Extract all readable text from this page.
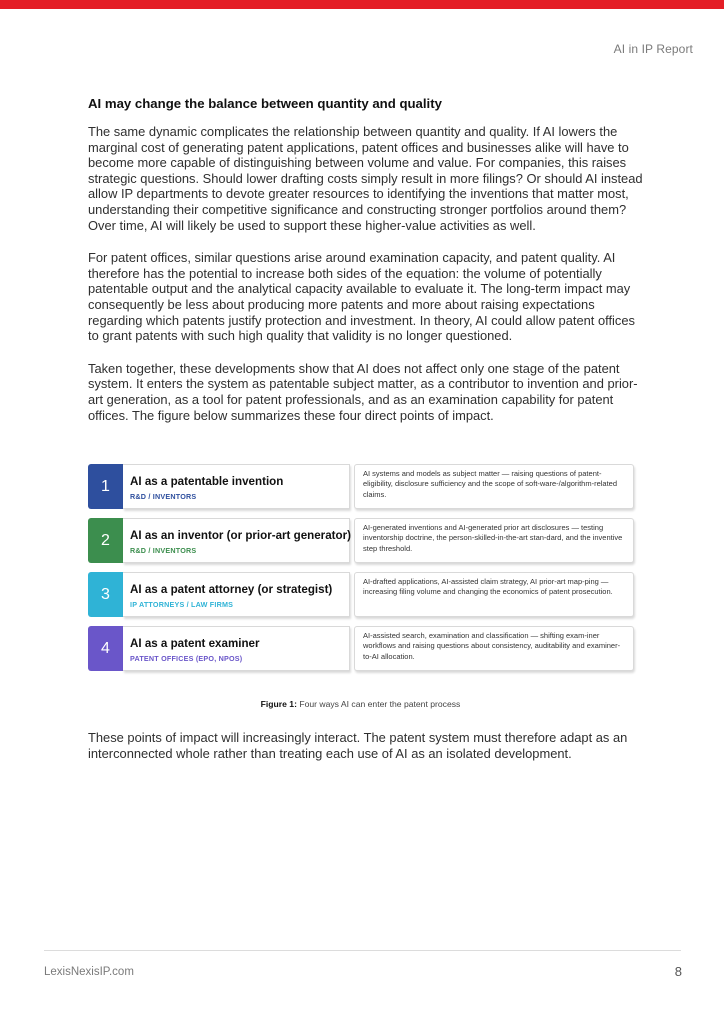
AI in IP Report
AI may change the balance between quantity and quality

The same dynamic complicates the relationship between quantity and quality. If AI lowers the marginal cost of generating patent applications, patent offices and businesses alike will have to become more capable of distinguishing between volume and value. For companies, this raises strategic questions. Should lower drafting costs simply result in more filings? Or should AI instead allow IP departments to devote greater resources to identifying the inventions that matter most, understanding their competitive significance and constructing stronger portfolios around them? Over time, AI will likely be used to support these higher-value activities as well.

For patent offices, similar questions arise around examination capacity, and patent quality. AI therefore has the potential to increase both sides of the equation: the volume of potentially patentable output and the analytical capacity available to evaluate it. The long-term impact may consequently be less about producing more patents and more about raising expectations regarding which patents justify protection and investment. In theory, AI could allow patent offices to grant patents with such high quality that validity is no longer questioned.

Taken together, these developments show that AI does not affect only one stage of the patent system. It enters the system as patentable subject matter, as a contributor to invention and prior-art generation, as a tool for patent professionals, and as an examination capability for patent offices. The figure below summarizes these four direct points of impact.

1	AI as a patentable invention
R&D / INVENTORS
AI systems and models as subject matter — raising questions of patent-eligibility, disclosure sufficiency and the scope of soft-ware-/algorithm-related claims.
2	AI as an inventor (or prior-art generator)
R&D / INVENTORS
AI-generated inventions and AI-generated prior art disclosures — testing inventorship doctrine, the person-skilled-in-the-art stan-dard, and the inventive step threshold.
3	AI as a patent attorney (or strategist)
IP ATTORNEYS / LAW FIRMS
AI-drafted applications, AI-assisted claim strategy, AI prior-art map-ping — increasing filing volume and changing the economics of patent prosecution.
4	AI as a patent examiner
PATENT OFFICES (EPO, NPOS)
AI-assisted search, examination and classification — shifting exam-iner workflows and raising questions about consistency, auditability and examiner-to-AI allocation.
Figure 1: Four ways AI can enter the patent process

These points of impact will increasingly interact. The patent system must therefore adapt as an interconnected whole rather than treating each use of AI as an isolated development.

LexisNexisIP.com	8
